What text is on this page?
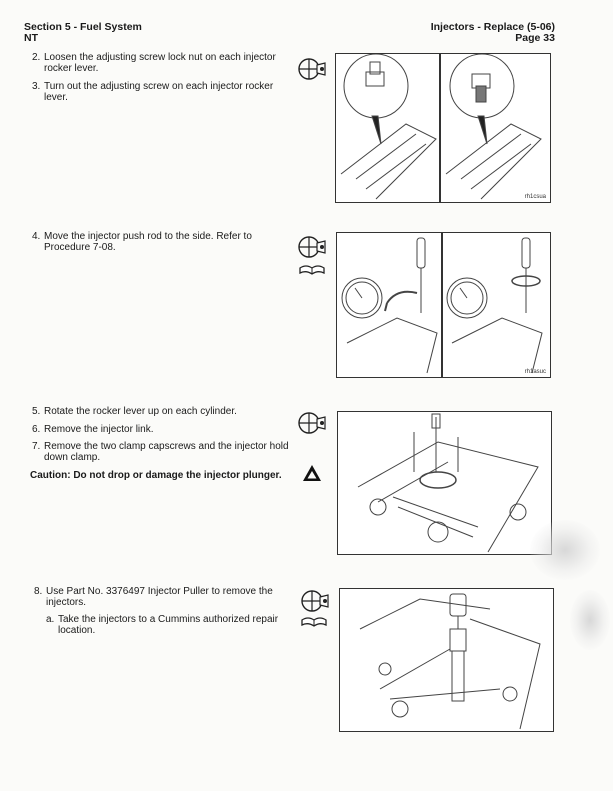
Section 5 - Fuel System
NT
Injectors - Replace (5-06)
Page 33
2. Loosen the adjusting screw lock nut on each injector rocker lever.
3. Turn out the adjusting screw on each injector rocker lever.
4. Move the injector push rod to the side. Refer to Procedure 7-08.
5. Rotate the rocker lever up on each cylinder.
6. Remove the injector link.
7. Remove the two clamp capscrews and the injector hold down clamp.
Caution: Do not drop or damage the injector plunger.
8. Use Part No. 3376497 Injector Puller to remove the injectors.
a. Take the injectors to a Cummins authorized repair location.
rh1csua
rh1asuc
